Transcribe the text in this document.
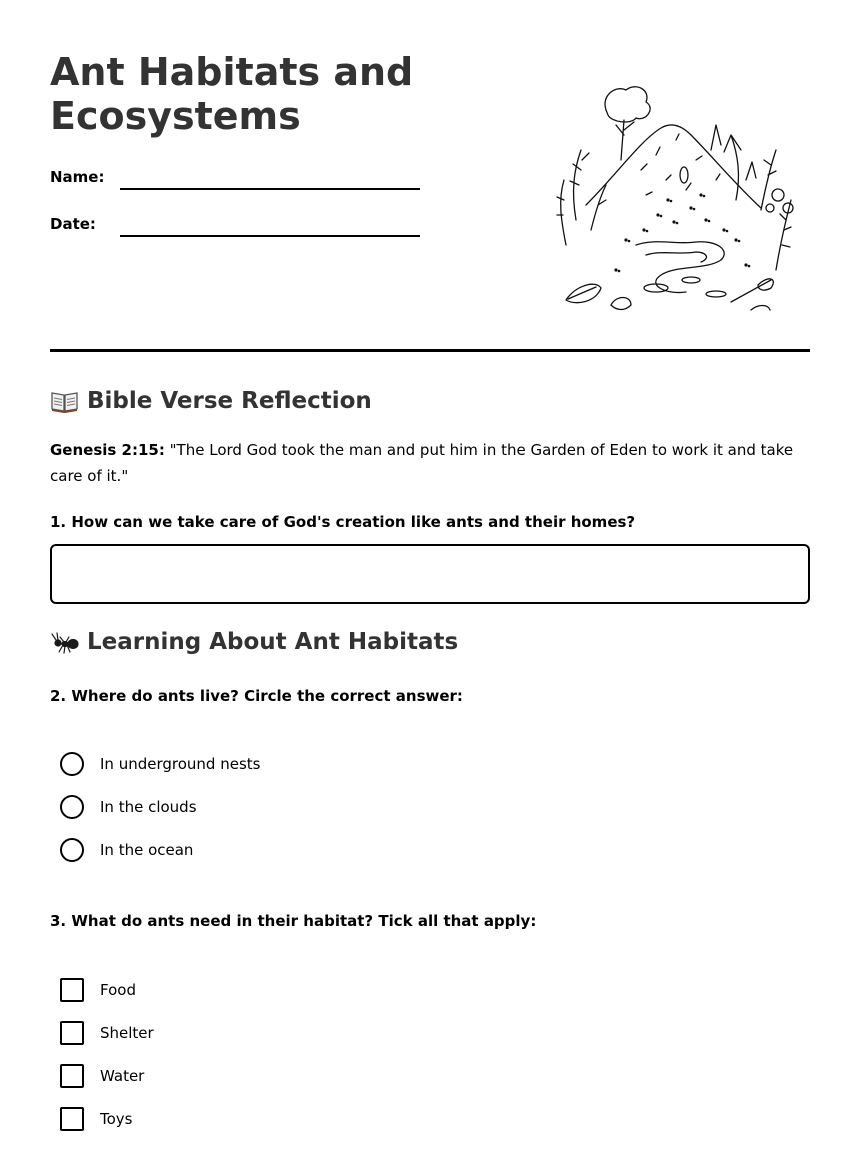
Ant Habitats and Ecosystems
Name:
Date:
Bible Verse Reflection
Genesis 2:15: "The Lord God took the man and put him in the Garden of Eden to work it and take care of it."

1. How can we take care of God's creation like ants and their homes?

Learning About Ant Habitats

2. Where do ants live? Circle the correct answer:

In underground nests
In the clouds
In the ocean

3. What do ants need in their habitat? Tick all that apply:

Food
Shelter
Water
Toys
